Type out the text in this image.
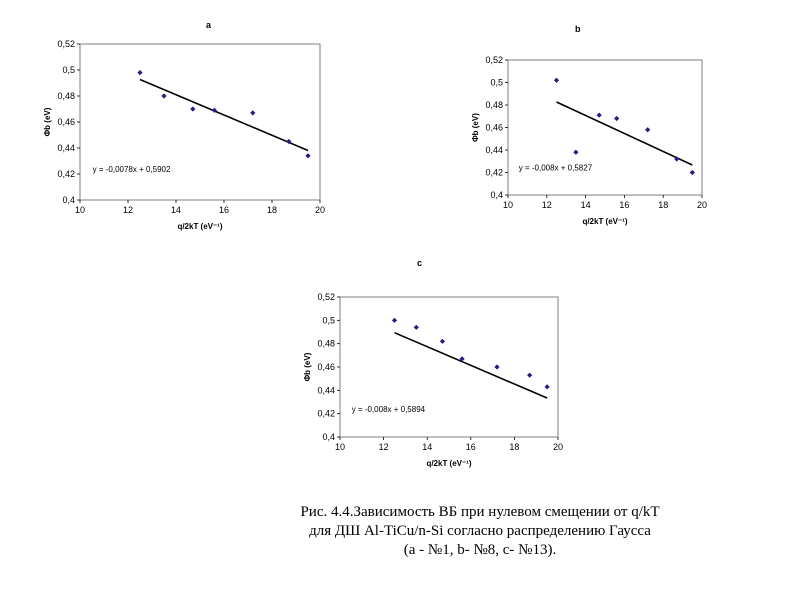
a
0,4
0,42
0,44
0,46
0,48
0,5
0,52
10	12	14	16	18	20
q/2kT (eV⁻¹)
Φb (eV)
y = -0,0078x + 0,5902
b
0,4
0,42
0,44
0,46
0,48
0,5
0,52
10	12	14	16	18	20
q/2kT (eV⁻¹)
Φb (eV)
y = -0,008x + 0,5827
c
0,4
0,42
0,44
0,46
0,48
0,5
0,52
10	12	14	16	18	20
q/2kT (eV⁻¹)
Φb (eV)
y = -0,008x + 0,5894
Рис. 4.4.Зависимость ВБ при нулевом смещении от q/kT
для ДШ Al-TiCu/n-Si согласно распределению Гаусса
(a - №1, b- №8, c- №13).
